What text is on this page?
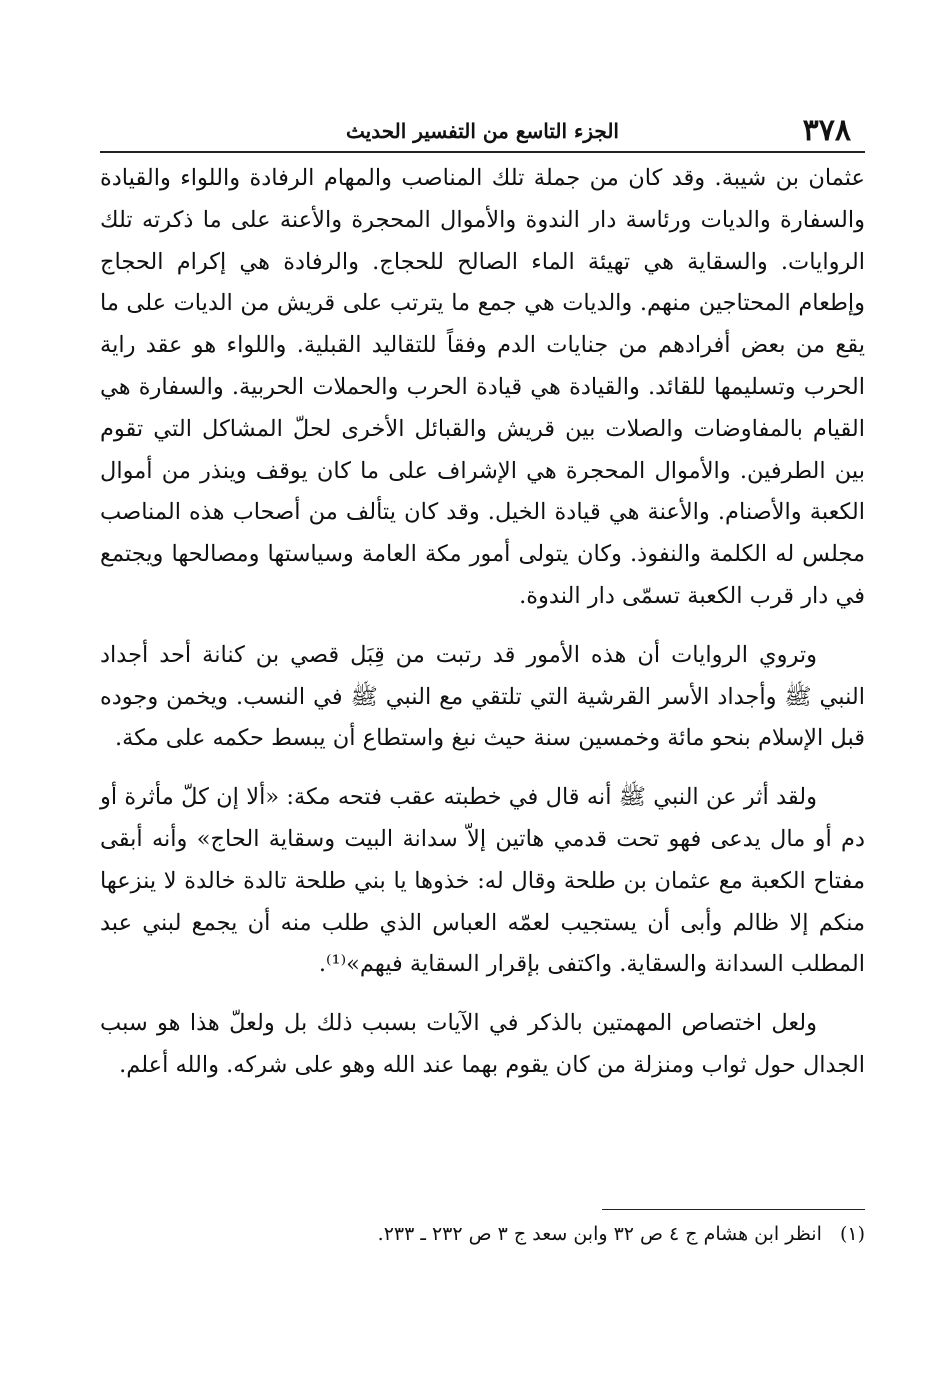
٣٧٨
الجزء التاسع من التفسير الحديث

عثمان بن شيبة. وقد كان من جملة تلك المناصب والمهام الرفادة واللواء والقيادة والسفارة والديات ورئاسة دار الندوة والأموال المحجرة والأعنة على ما ذكرته تلك الروايات. والسقاية هي تهيئة الماء الصالح للحجاج. والرفادة هي إكرام الحجاج وإطعام المحتاجين منهم. والديات هي جمع ما يترتب على قريش من الديات على ما يقع من بعض أفرادهم من جنايات الدم وفقاً للتقاليد القبلية. واللواء هو عقد راية الحرب وتسليمها للقائد. والقيادة هي قيادة الحرب والحملات الحربية. والسفارة هي القيام بالمفاوضات والصلات بين قريش والقبائل الأخرى لحلّ المشاكل التي تقوم بين الطرفين. والأموال المحجرة هي الإشراف على ما كان يوقف وينذر من أموال الكعبة والأصنام. والأعنة هي قيادة الخيل. وقد كان يتألف من أصحاب هذه المناصب مجلس له الكلمة والنفوذ. وكان يتولى أمور مكة العامة وسياستها ومصالحها ويجتمع في دار قرب الكعبة تسمّى دار الندوة.

وتروي الروايات أن هذه الأمور قد رتبت من قِبَل قصي بن كنانة أحد أجداد النبي ﷺ وأجداد الأسر القرشية التي تلتقي مع النبي ﷺ في النسب. ويخمن وجوده قبل الإسلام بنحو مائة وخمسين سنة حيث نبغ واستطاع أن يبسط حكمه على مكة.

ولقد أثر عن النبي ﷺ أنه قال في خطبته عقب فتحه مكة: «ألا إن كلّ مأثرة أو دم أو مال يدعى فهو تحت قدمي هاتين إلاّ سدانة البيت وسقاية الحاج» وأنه أبقى مفتاح الكعبة مع عثمان بن طلحة وقال له: خذوها يا بني طلحة تالدة خالدة لا ينزعها منكم إلا ظالم وأبى أن يستجيب لعمّه العباس الذي طلب منه أن يجمع لبني عبد المطلب السدانة والسقاية. واكتفى بإقرار السقاية فيهم»⁽¹⁾.

ولعل اختصاص المهمتين بالذكر في الآيات بسبب ذلك بل ولعلّ هذا هو سبب الجدال حول ثواب ومنزلة من كان يقوم بهما عند الله وهو على شركه. والله أعلم.

(١) انظر ابن هشام ج ٤ ص ٣٢ وابن سعد ج ٣ ص ٢٣٢ ـ ٢٣٣.
